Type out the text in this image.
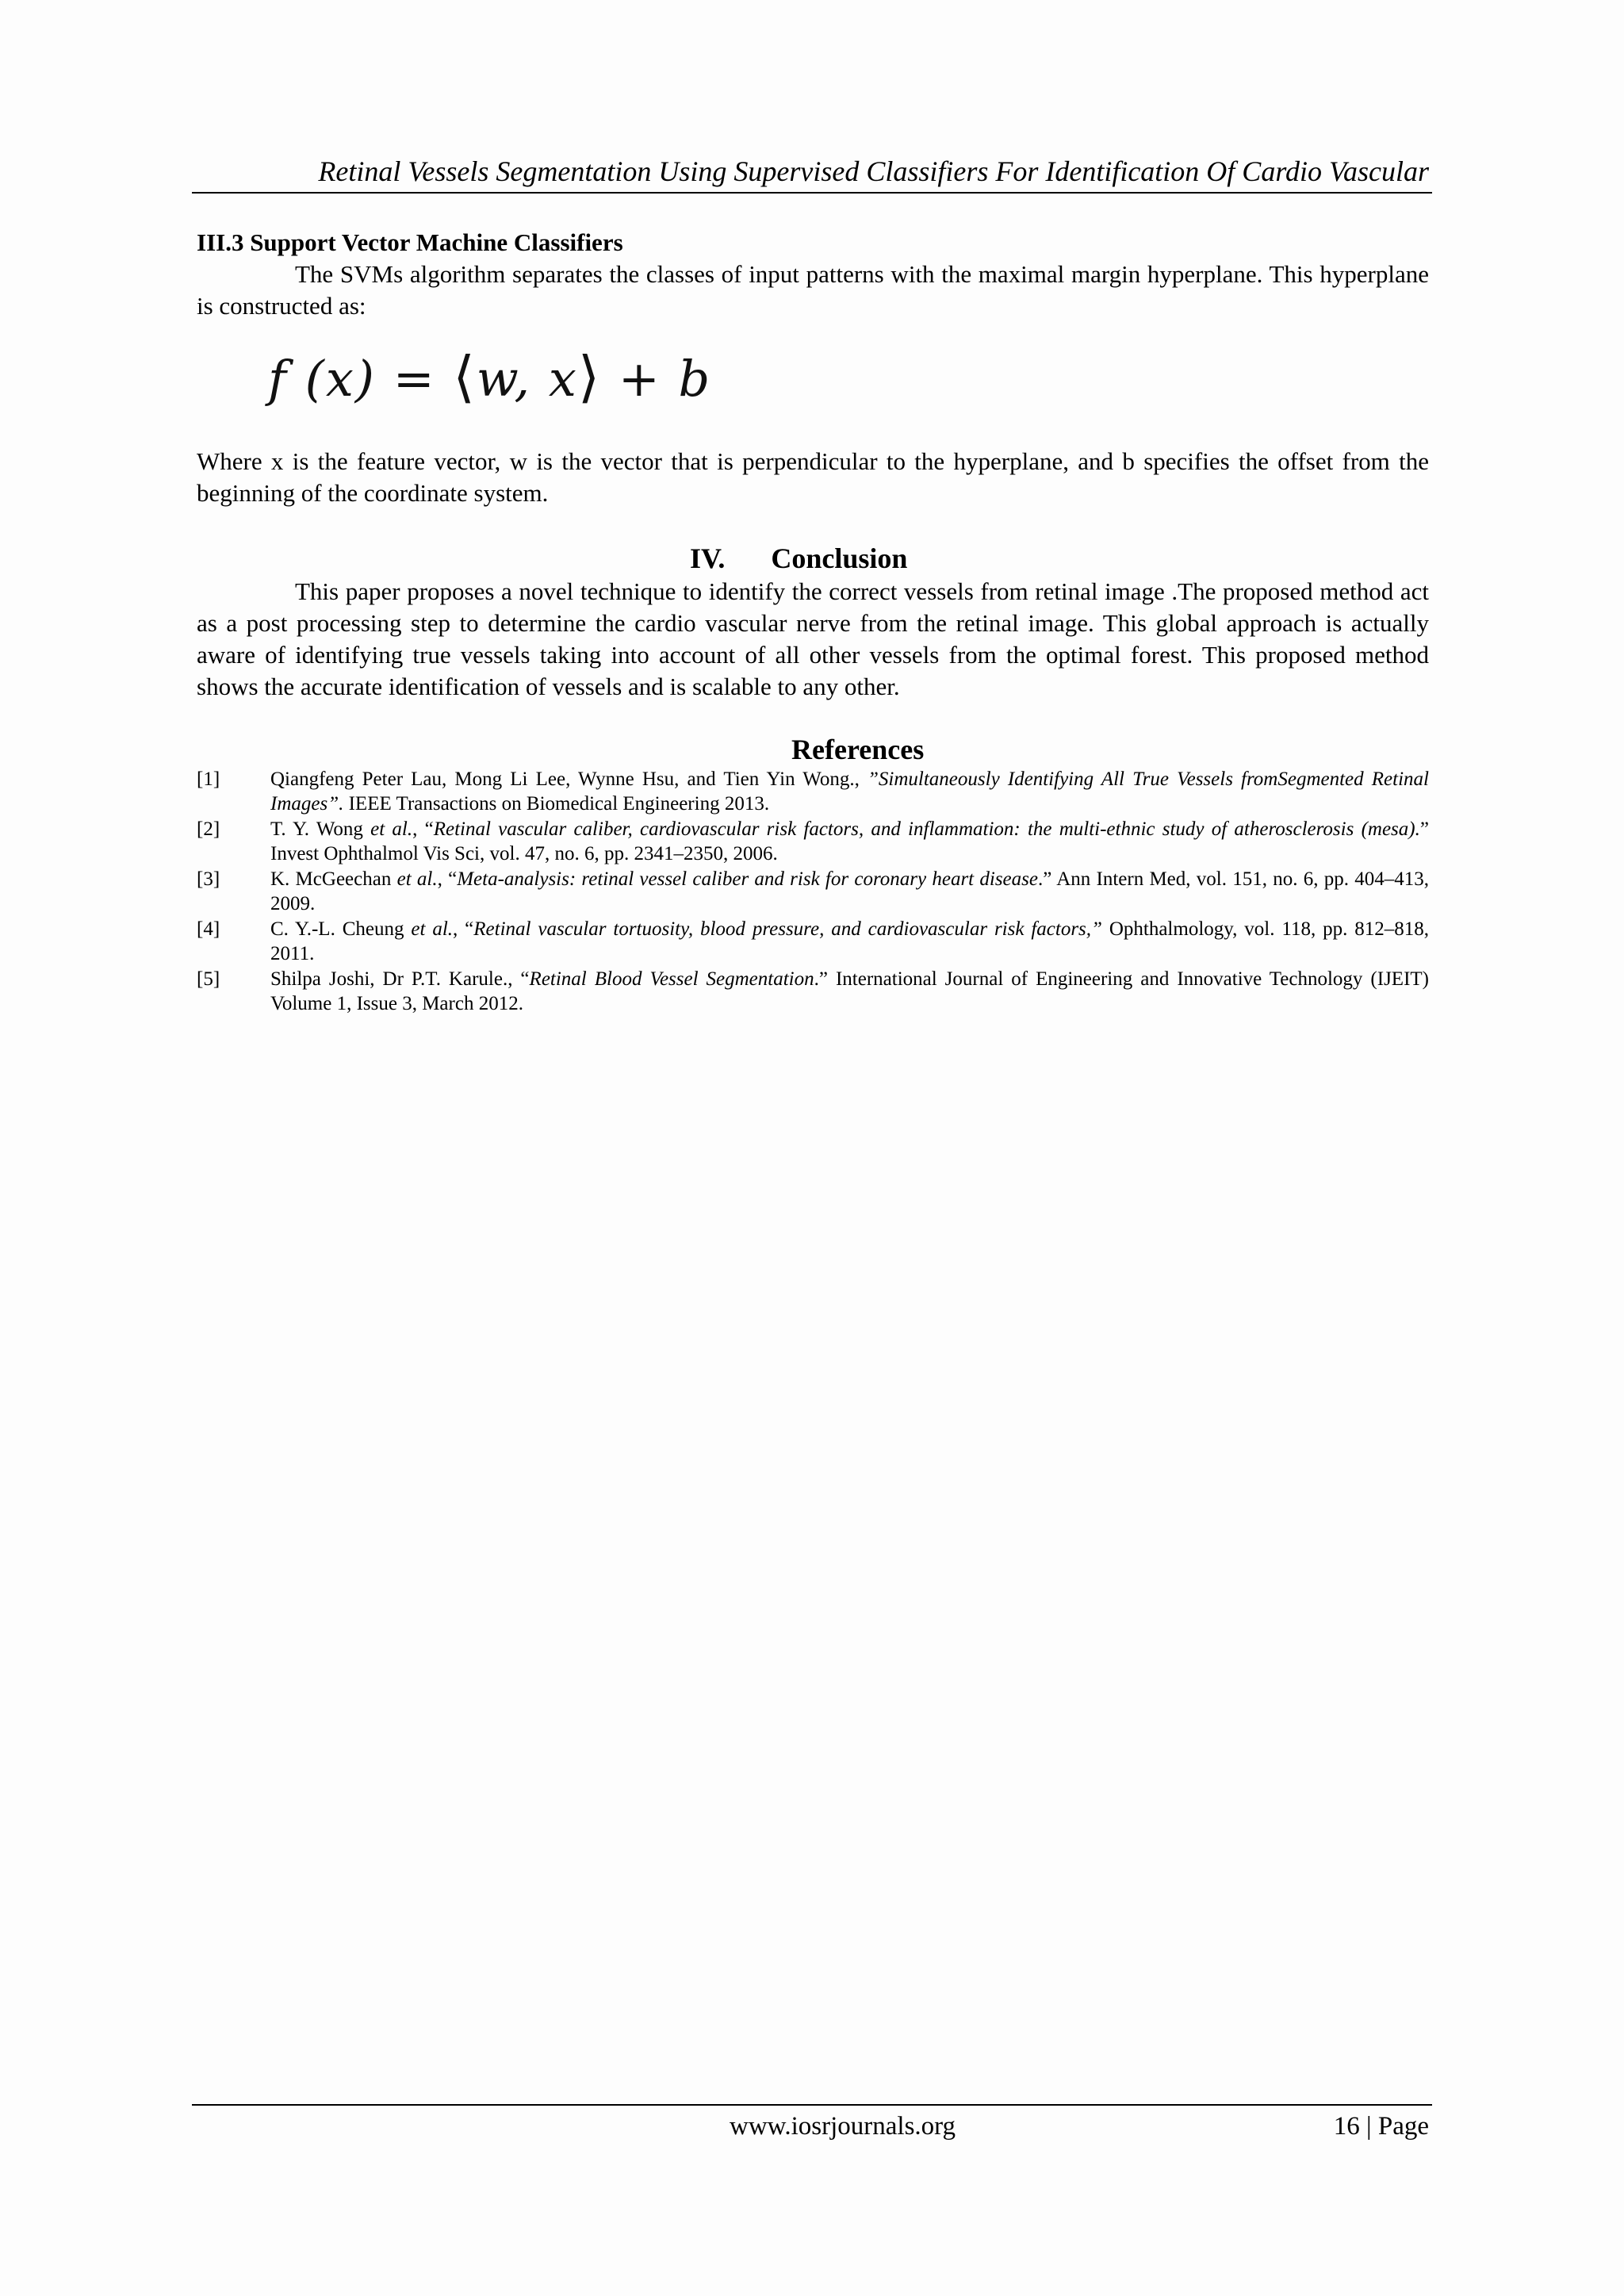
Retinal Vessels Segmentation Using Supervised Classifiers For Identification Of Cardio Vascular
III.3 Support Vector Machine Classifiers
The SVMs algorithm separates the classes of input patterns with the maximal margin hyperplane. This hyperplane is constructed as:
f (x) = ⟨w, x⟩ + b
Where x is the feature vector, w is the vector that is perpendicular to the hyperplane, and b specifies the offset from the beginning of the coordinate system.
IV. Conclusion
This paper proposes a novel technique to identify the correct vessels from retinal image .The proposed method act as a post processing step to determine the cardio vascular nerve from the retinal image. This global approach is actually aware of identifying true vessels taking into account of all other vessels from the optimal forest. This proposed method shows the accurate identification of vessels and is scalable to any other.
References
[1]	Qiangfeng Peter Lau, Mong Li Lee, Wynne Hsu, and Tien Yin Wong., ”Simultaneously Identifying All True Vessels fromSegmented Retinal Images”. IEEE Transactions on Biomedical Engineering 2013.
[2]	T. Y. Wong et al., “Retinal vascular caliber, cardiovascular risk factors, and inflammation: the multi-ethnic study of atherosclerosis (mesa).” Invest Ophthalmol Vis Sci, vol. 47, no. 6, pp. 2341–2350, 2006.
[3]	K. McGeechan et al., “Meta-analysis: retinal vessel caliber and risk for coronary heart disease.” Ann Intern Med, vol. 151, no. 6, pp. 404–413, 2009.
[4]	C. Y.-L. Cheung et al., “Retinal vascular tortuosity, blood pressure, and cardiovascular risk factors,” Ophthalmology, vol. 118, pp. 812–818, 2011.
[5]	Shilpa Joshi, Dr P.T. Karule., “Retinal Blood Vessel Segmentation.” International Journal of Engineering and Innovative Technology (IJEIT) Volume 1, Issue 3, March 2012.
www.iosrjournals.org	16 | Page
